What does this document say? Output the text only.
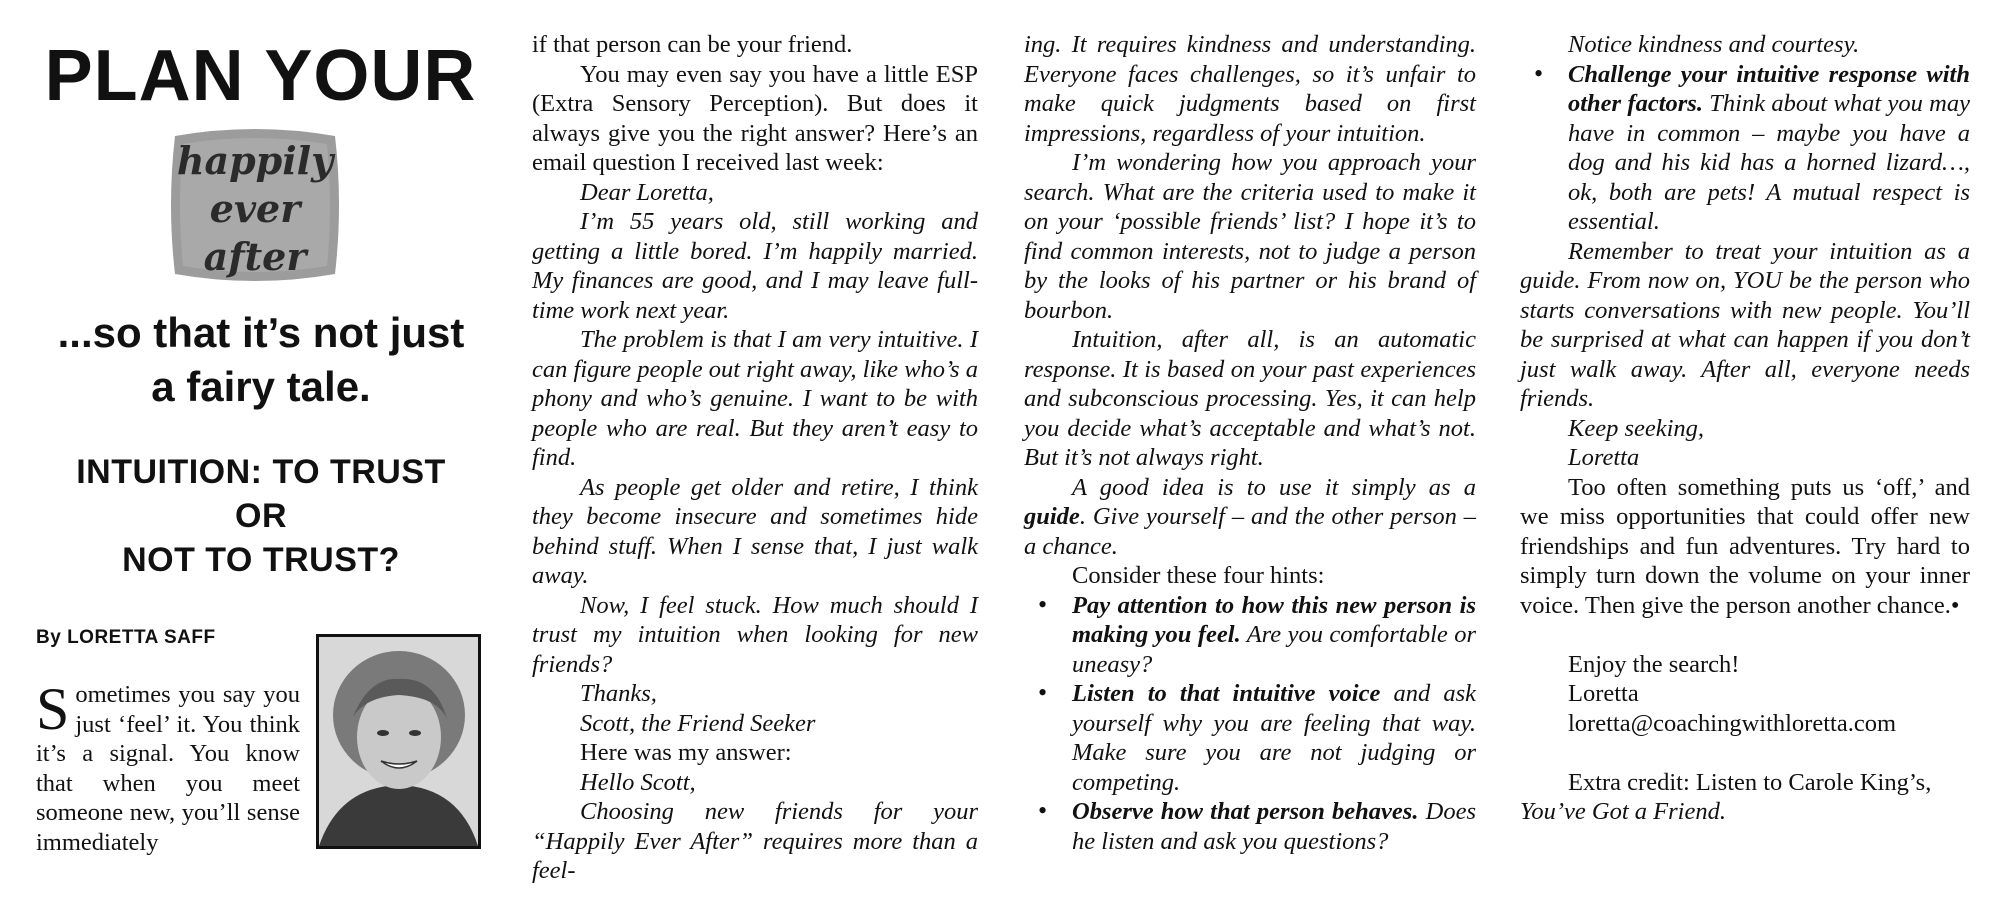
PLAN YOUR
happily
ever
after
...so that it’s not just
a fairy tale.
INTUITION: TO TRUST
OR
NOT TO TRUST?
By LORETTA SAFF
Sometimes you say you just ‘feel’ it. You think it’s a signal. You know that when you meet someone new, you’ll sense immediately

if that person can be your friend.

You may even say you have a little ESP (Extra Sensory Perception). But does it always give you the right answer? Here’s an email question I received last week:

Dear Loretta,

I’m 55 years old, still working and getting a little bored. I’m happily married. My finances are good, and I may leave full-time work next year.

The problem is that I am very intuitive. I can figure people out right away, like who’s a phony and who’s genuine. I want to be with people who are real. But they aren’t easy to find.

As people get older and retire, I think they become insecure and sometimes hide behind stuff. When I sense that, I just walk away.

Now, I feel stuck. How much should I trust my intuition when looking for new friends?

Thanks,

Scott, the Friend Seeker

Here was my answer:

Hello Scott,

Choosing new friends for your “Happily Ever After” requires more than a feel-

ing. It requires kindness and understanding. Everyone faces challenges, so it’s unfair to make quick judgments based on first impressions, regardless of your intuition.

I’m wondering how you approach your search. What are the criteria used to make it on your ‘possible friends’ list? I hope it’s to find common interests, not to judge a person by the looks of his partner or his brand of bourbon.

Intuition, after all, is an automatic response. It is based on your past experiences and subconscious processing. Yes, it can help you decide what’s acceptable and what’s not. But it’s not always right.

A good idea is to use it simply as a guide. Give yourself – and the other person – a chance.

Consider these four hints:

• Pay attention to how this new person is making you feel. Are you comfortable or uneasy?

• Listen to that intuitive voice and ask yourself why you are feeling that way. Make sure you are not judging or competing.

• Observe how that person behaves. Does he listen and ask you questions?

Notice kindness and courtesy.

• Challenge your intuitive response with other factors. Think about what you may have in common – maybe you have a dog and his kid has a horned lizard…, ok, both are pets! A mutual respect is essential.

Remember to treat your intuition as a guide. From now on, YOU be the person who starts conversations with new people. You’ll be surprised at what can happen if you don’t just walk away. After all, everyone needs friends.

Keep seeking,

Loretta

Too often something puts us ‘off,’ and we miss opportunities that could offer new friendships and fun adventures. Try hard to simply turn down the volume on your inner voice. Then give the person another chance.•

Enjoy the search!

Loretta

loretta@coachingwithloretta.com

Extra credit: Listen to Carole King’s,

You’ve Got a Friend.
